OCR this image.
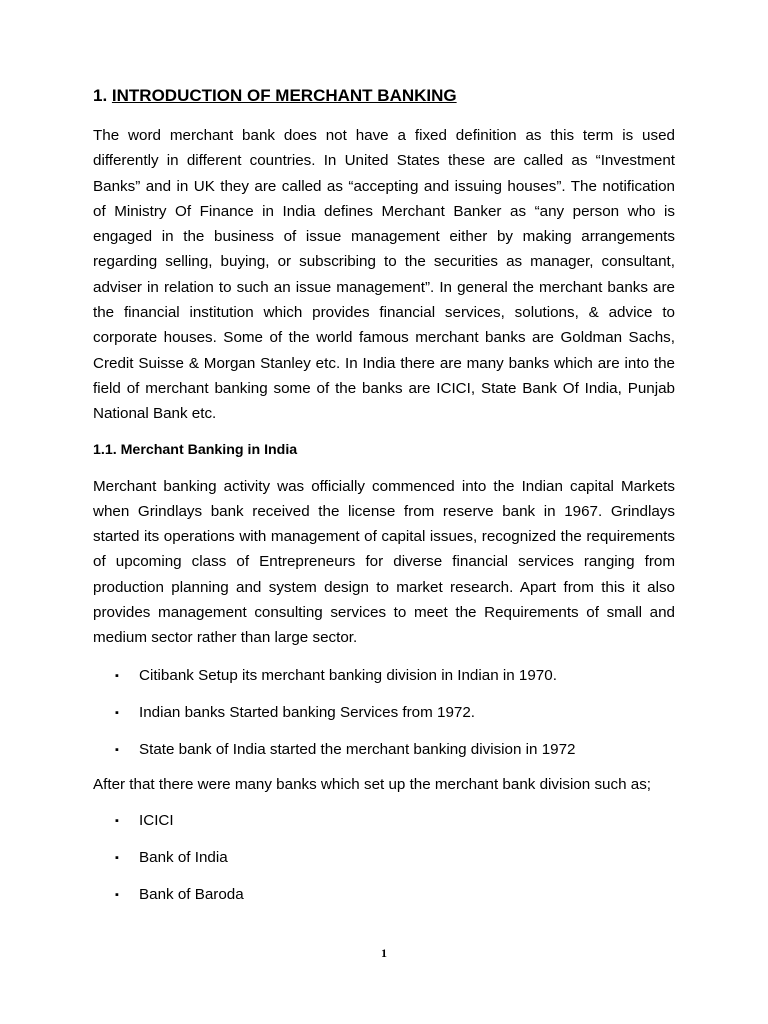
1. INTRODUCTION OF MERCHANT BANKING

The word merchant bank does not have a fixed definition as this term is used differently in different countries. In United States these are called as “Investment Banks” and in UK they are called as “accepting and issuing houses”. The notification of Ministry Of Finance in India defines Merchant Banker as “any person who is engaged in the business of issue management either by making arrangements regarding selling, buying, or subscribing to the securities as manager, consultant, adviser in relation to such an issue management”. In general the merchant banks are the financial institution which provides financial services, solutions, & advice to corporate houses. Some of the world famous merchant banks are Goldman Sachs, Credit Suisse & Morgan Stanley etc. In India there are many banks which are into the field of merchant banking some of the banks are ICICI, State Bank Of India, Punjab National Bank etc.

1.1. Merchant Banking in India

Merchant banking activity was officially commenced into the Indian capital Markets when Grindlays bank received the license from reserve bank in 1967. Grindlays started its operations with management of capital issues, recognized the requirements of upcoming class of Entrepreneurs for diverse financial services ranging from production planning and system design to market research. Apart from this it also provides management consulting services to meet the Requirements of small and medium sector rather than large sector.

▪ Citibank Setup its merchant banking division in Indian in 1970.
▪ Indian banks Started banking Services from 1972.
▪ State bank of India started the merchant banking division in 1972

After that there were many banks which set up the merchant bank division such as;

▪ ICICI
▪ Bank of India
▪ Bank of Baroda
1
